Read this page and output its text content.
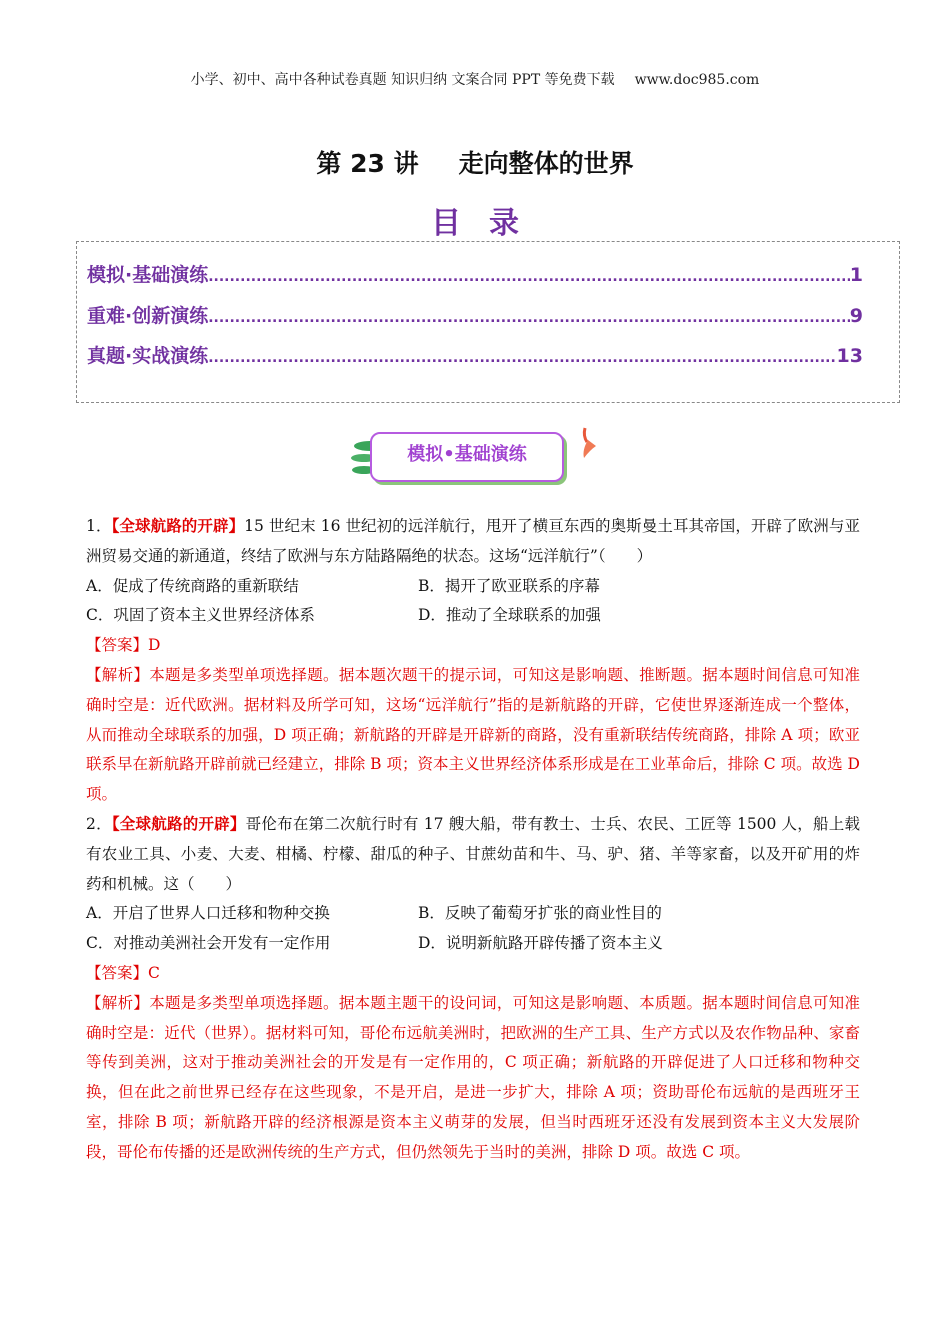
小学、初中、高中各种试卷真题 知识归纳 文案合同 PPT 等免费下载 www.doc985.com
第 23 讲 走向整体的世界
目录
模拟·基础演练 .....	1
重难·创新演练 .....	9
真题·实战演练 .....	13
模拟•基础演练

1．【全球航路的开辟】15 世纪末 16 世纪初的远洋航行，甩开了横亘东西的奥斯曼土耳其帝国，开辟了欧洲与亚洲贸易交通的新通道，终结了欧洲与东方陆路隔绝的状态。这场“远洋航行”（　　）

A．促成了传统商路的重新联结	B．揭开了欧亚联系的序幕

C．巩固了资本主义世界经济体系	D．推动了全球联系的加强

【答案】D

【解析】本题是多类型单项选择题。据本题次题干的提示词，可知这是影响题、推断题。据本题时间信息可知准确时空是：近代欧洲。据材料及所学可知，这场“远洋航行”指的是新航路的开辟，它使世界逐渐连成一个整体，从而推动全球联系的加强，D 项正确；新航路的开辟是开辟新的商路，没有重新联结传统商路，排除 A 项；欧亚联系早在新航路开辟前就已经建立，排除 B 项；资本主义世界经济体系形成是在工业革命后，排除 C 项。故选 D 项。

2．【全球航路的开辟】哥伦布在第二次航行时有 17 艘大船，带有教士、士兵、农民、工匠等 1500 人，船上载有农业工具、小麦、大麦、柑橘、柠檬、甜瓜的种子、甘蔗幼苗和牛、马、驴、猪、羊等家畜，以及开矿用的炸药和机械。这（　　）

A．开启了世界人口迁移和物种交换	B．反映了葡萄牙扩张的商业性目的

C．对推动美洲社会开发有一定作用	D．说明新航路开辟传播了资本主义

【答案】C

【解析】本题是多类型单项选择题。据本题主题干的设问词，可知这是影响题、本质题。据本题时间信息可知准确时空是：近代（世界）。据材料可知，哥伦布远航美洲时，把欧洲的生产工具、生产方式以及农作物品种、家畜等传到美洲，这对于推动美洲社会的开发是有一定作用的，C 项正确；新航路的开辟促进了人口迁移和物种交换，但在此之前世界已经存在这些现象，不是开启，是进一步扩大，排除 A 项；资助哥伦布远航的是西班牙王室，排除 B 项；新航路开辟的经济根源是资本主义萌芽的发展，但当时西班牙还没有发展到资本主义大发展阶段，哥伦布传播的还是欧洲传统的生产方式，但仍然领先于当时的美洲，排除 D 项。故选 C 项。
